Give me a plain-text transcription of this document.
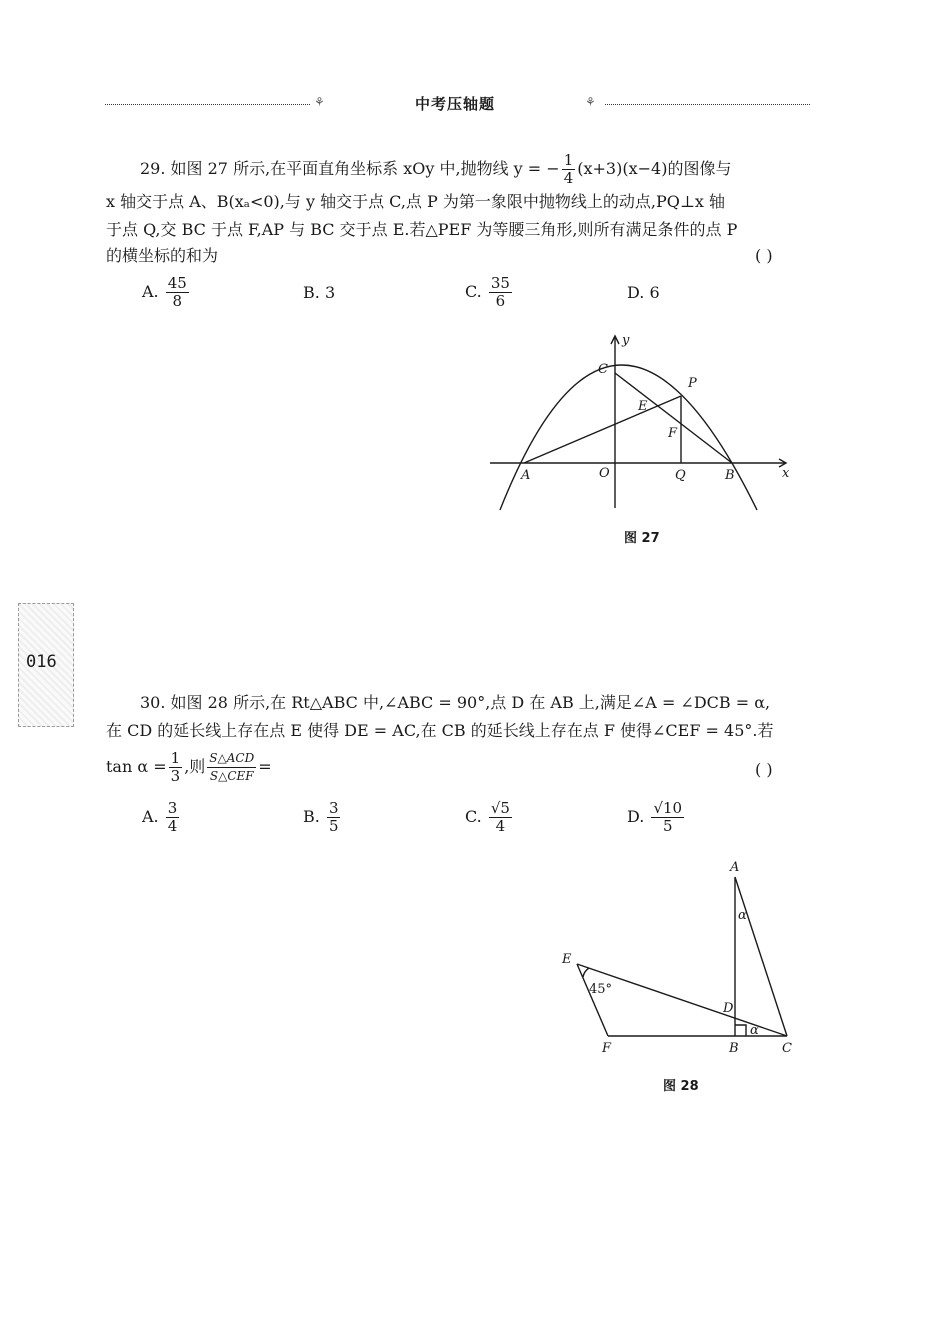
⚘	中考压轴题	⚘
016
29. 如图 27 所示,在平面直角坐标系 xOy 中,抛物线 y = − $\frac{1}{4} (x+3)(x-4)$的图像与
x 轴交于点 A、B(xₐ<0),与 y 轴交于点 C,点 P 为第一象限中抛物线上的动点,PQ⊥x 轴
于点 Q,交 BC 于点 F,AP 与 BC 交于点 E.若△PEF 为等腰三角形,则所有满足条件的点 P
的横坐标的和为	( )
A. $\frac{45}{8}$	B. 3	C. $\frac{35}{6}$	D. 6
y
x
C
P
E
F
A	O	Q	B
图 27
30. 如图 28 所示,在 Rt△ABC 中,∠ABC = 90°,点 D 在 AB 上,满足∠A = ∠DCB = α,
在 CD 的延长线上存在点 E 使得 DE = AC,在 CB 的延长线上存在点 F 使得∠CEF = 45°.若
$\tan \alpha = \frac{1}{3}$ ,则 $\frac{\text{S△ACD}}{\text{S△CEF}}$ =	( )
A. $\frac{3}{4}$	B. $\frac{3}{5}$	C. $\frac{√5}{4}$	D. $\frac{√10}{5}$
A
α
E
45°
D
α
F	B	C
图 28
